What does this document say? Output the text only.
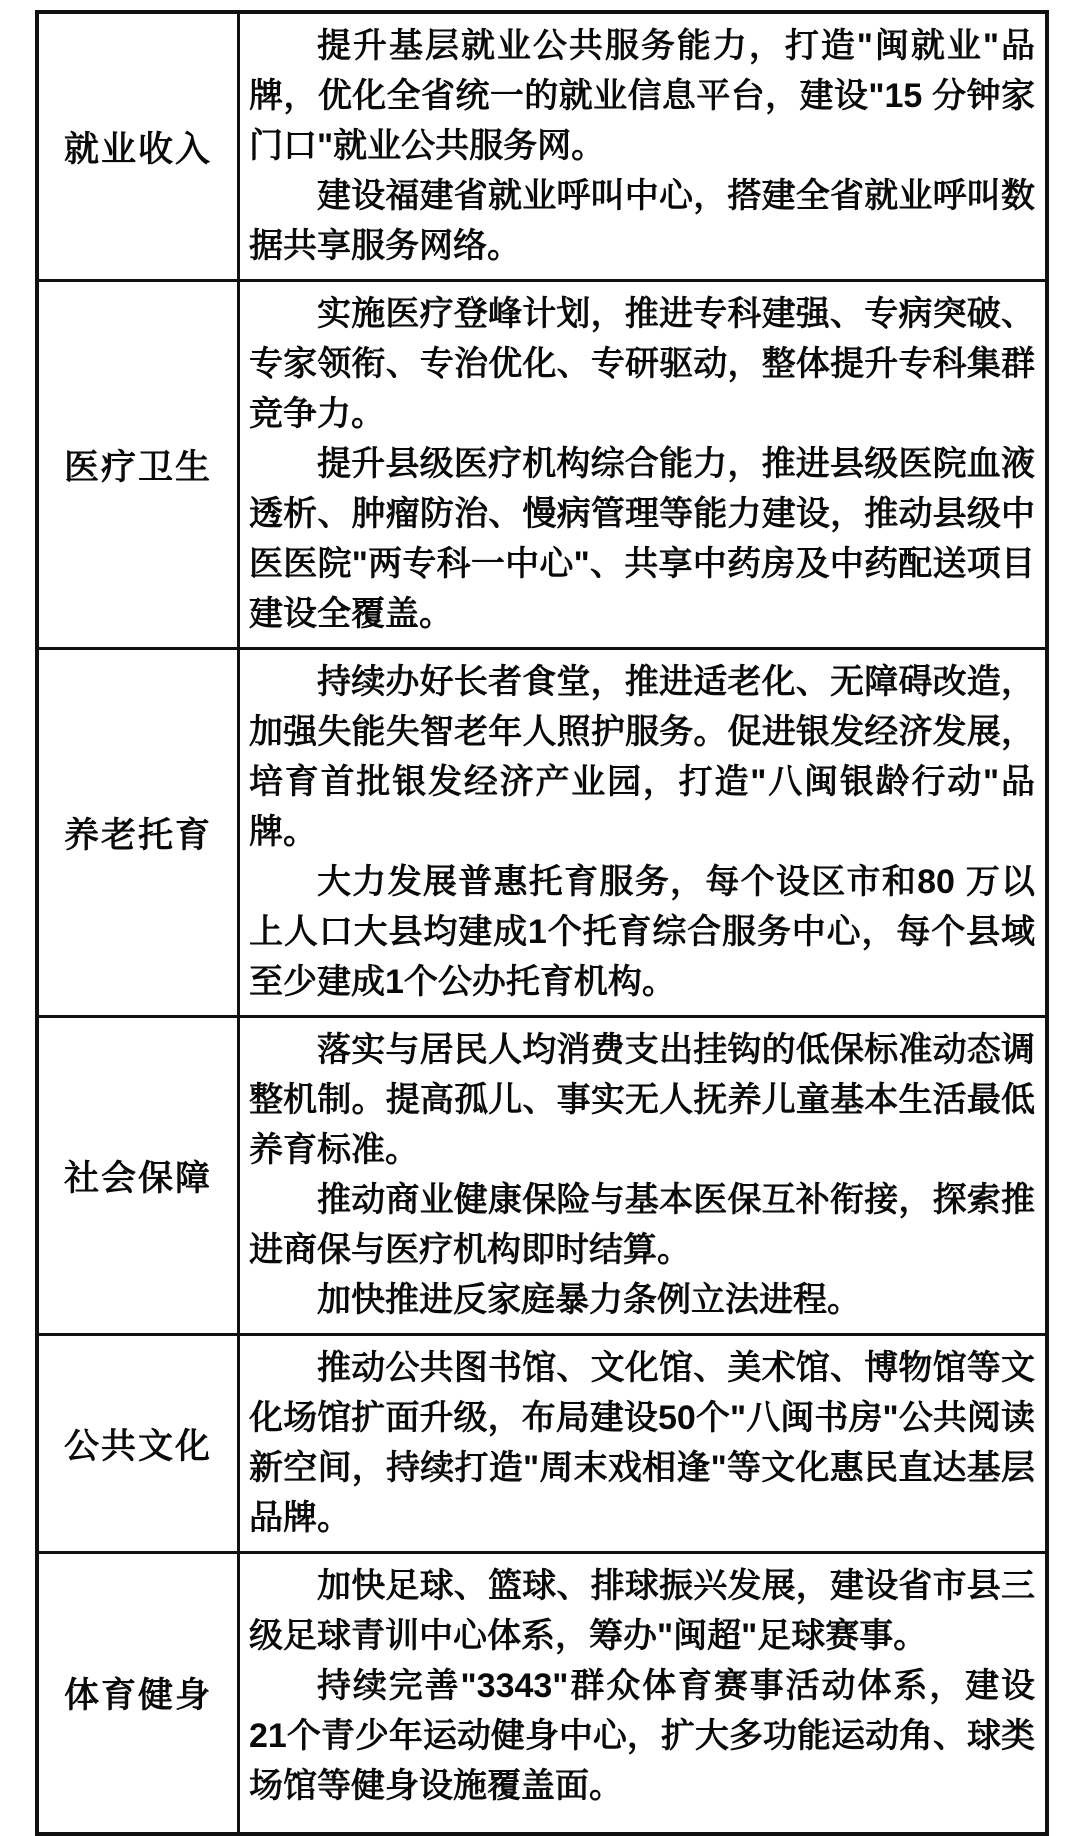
就业收入

提升基层就业公共服务能力，打造"闽就业"品牌，优化全省统一的就业信息平台，建设"15 分钟家门口"就业公共服务网。

建设福建省就业呼叫中心，搭建全省就业呼叫数据共享服务网络。

医疗卫生

实施医疗登峰计划，推进专科建强、专病突破、专家领衔、专治优化、专研驱动，整体提升专科集群竞争力。

提升县级医疗机构综合能力，推进县级医院血液透析、肿瘤防治、慢病管理等能力建设，推动县级中医医院"两专科一中心"、共享中药房及中药配送项目建设全覆盖。

养老托育

持续办好长者食堂，推进适老化、无障碍改造，加强失能失智老年人照护服务。促进银发经济发展，培育首批银发经济产业园，打造"八闽银龄行动"品牌。

大力发展普惠托育服务，每个设区市和80 万以上人口大县均建成1个托育综合服务中心，每个县域至少建成1个公办托育机构。

社会保障

落实与居民人均消费支出挂钩的低保标准动态调整机制。提高孤儿、事实无人抚养儿童基本生活最低养育标准。

推动商业健康保险与基本医保互补衔接，探索推进商保与医疗机构即时结算。

加快推进反家庭暴力条例立法进程。

公共文化

推动公共图书馆、文化馆、美术馆、博物馆等文化场馆扩面升级，布局建设50个"八闽书房"公共阅读新空间，持续打造"周末戏相逢"等文化惠民直达基层品牌。

体育健身

加快足球、篮球、排球振兴发展，建设省市县三级足球青训中心体系，筹办"闽超"足球赛事。

持续完善"3343"群众体育赛事活动体系，建设21个青少年运动健身中心，扩大多功能运动角、球类场馆等健身设施覆盖面。
